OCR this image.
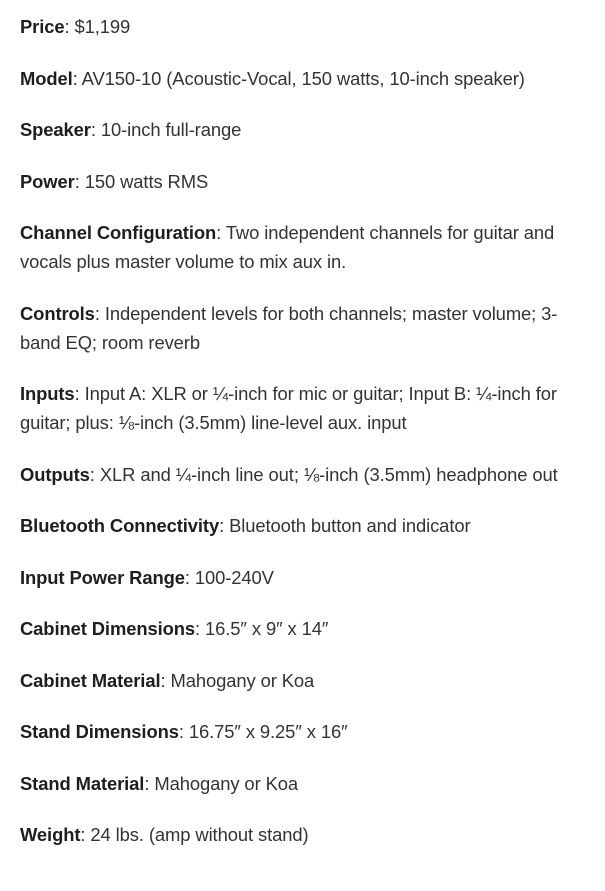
Price: $1,199

Model: AV150-10 (Acoustic-Vocal, 150 watts, 10-inch speaker)

Speaker: 10-inch full-range

Power: 150 watts RMS

Channel Configuration: Two independent channels for guitar and vocals plus master volume to mix aux in.

Controls: Independent levels for both channels; master volume; 3-band EQ; room reverb

Inputs: Input A: XLR or ¼-inch for mic or guitar; Input B: ¼-inch for guitar; plus: ⅛-inch (3.5mm) line-level aux. input

Outputs: XLR and ¼-inch line out; ⅛-inch (3.5mm) headphone out

Bluetooth Connectivity: Bluetooth button and indicator

Input Power Range: 100-240V

Cabinet Dimensions: 16.5″ x 9″ x 14″

Cabinet Material: Mahogany or Koa

Stand Dimensions: 16.75″ x 9.25″ x 16″

Stand Material: Mahogany or Koa

Weight: 24 lbs. (amp without stand)
